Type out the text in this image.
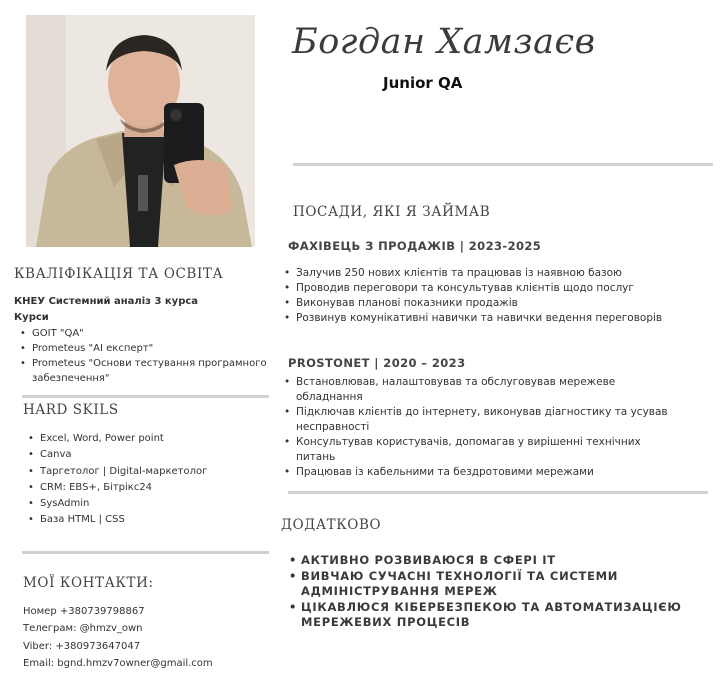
Богдан Хамзаєв
Junior QA
КВАЛІФІКАЦІЯ ТА ОСВІТА
КНЕУ Системний аналіз 3 курса
Курси
• GOIT "QA"
• Prometeus "AI експерт"
• Prometeus "Основи тестування програмного забезпечення"
HARD SKILS
• Excel, Word, Power point
• Canva
• Таргетолог | Digital-маркетолог
• CRM: EBS+, Бітрікс24
• SysAdmin
• База HTML | CSS
МОЇ КОНТАКТИ:
Номер +380739798867
Телеграм: @hmzv_own
Viber: +380973647047
Email: bgnd.hmzv7owner@gmail.com
ПОСАДИ, ЯКІ Я ЗАЙМАВ
ФАХІВЕЦЬ З ПРОДАЖІВ | 2023-2025
• Залучив 250 нових клієнтів та працював із наявною базою
• Проводив переговори та консультував клієнтів щодо послуг
• Виконував планові показники продажів
• Розвинув комунікативні навички та навички ведення переговорів
PROSTONET | 2020 – 2023
• Встановлював, налаштовував та обслуговував мережеве обладнання
• Підключав клієнтів до інтернету, виконував діагностику та усував несправності
• Консультував користувачів, допомагав у вирішенні технічних питань
• Працював із кабельними та бездротовими мережами
ДОДАТКОВО
• АКТИВНО РОЗВИВАЮСЯ В СФЕРІ IT
• ВИВЧАЮ СУЧАСНІ ТЕХНОЛОГІЇ ТА СИСТЕМИ АДМІНІСТРУВАННЯ МЕРЕЖ
• ЦІКАВЛЮСЯ КІБЕРБЕЗПЕКОЮ ТА АВТОМАТИЗАЦІЄЮ МЕРЕЖЕВИХ ПРОЦЕСІВ
